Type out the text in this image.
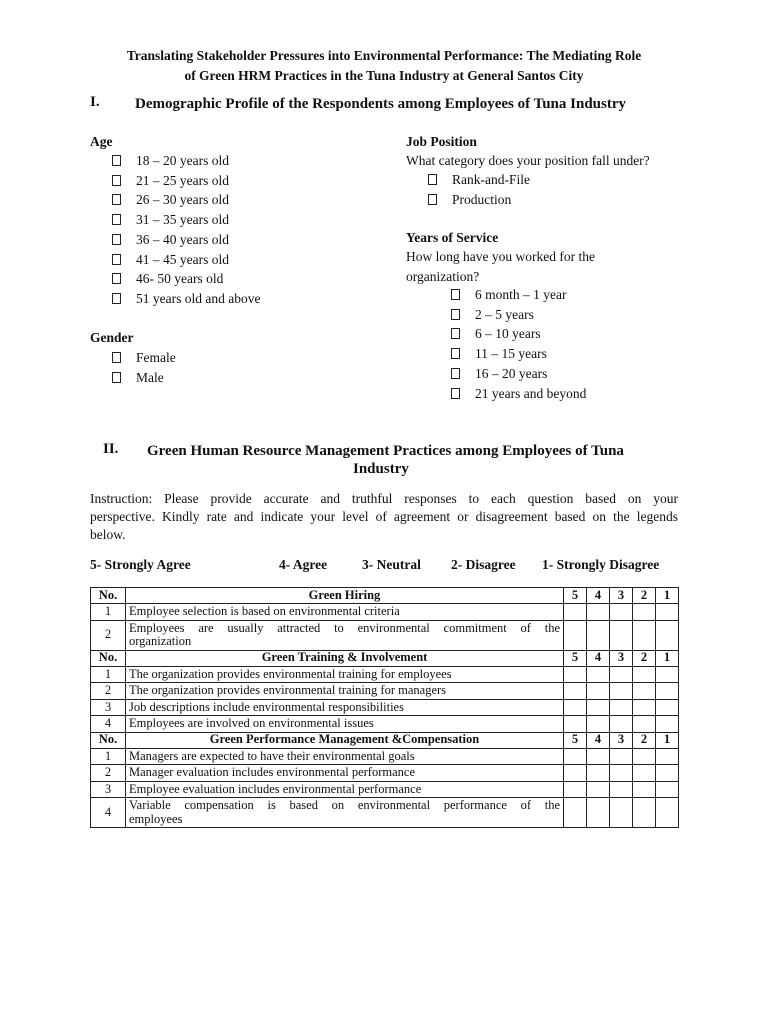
Translating Stakeholder Pressures into Environmental Performance: The Mediating Role
of Green HRM Practices in the Tuna Industry at General Santos City
I. Demographic Profile of the Respondents among Employees of Tuna Industry
Age
18 – 20 years old
21 – 25 years old
26 – 30 years old
31 – 35 years old
36 – 40 years old
41 – 45 years old
46- 50 years old
51 years old and above
Gender
Female
Male
Job Position
What category does your position fall under?
Rank-and-File
Production
Years of Service
How long have you worked for the
organization?
6 month – 1 year
2 – 5 years
6 – 10 years
11 – 15 years
16 – 20 years
21 years and beyond
II. Green Human Resource Management Practices among Employees of Tuna
Industry
Instruction: Please provide accurate and truthful responses to each question based on your
perspective. Kindly rate and indicate your level of agreement or disagreement based on the legends
below.
5- Strongly Agree	4- Agree	3- Neutral 2- Disagree 1- Strongly Disagree
No.	Green Hiring	5	4	3	2	1
1	Employee selection is based on environmental criteria					

2	Employees are usually attracted to environmental commitment of the
organization					

No.	Green Training & Involvement	5	4	3	2	1
1	The organization provides environmental training for employees					

2	The organization provides environmental training for managers					

3	Job descriptions include environmental responsibilities					

4	Employees are involved on environmental issues					

No.	Green Performance Management &Compensation	5	4	3	2	1
1	Managers are expected to have their environmental goals					

2	Manager evaluation includes environmental performance					

3	Employee evaluation includes environmental performance					

4	Variable compensation is based on environmental performance of the
employees					
